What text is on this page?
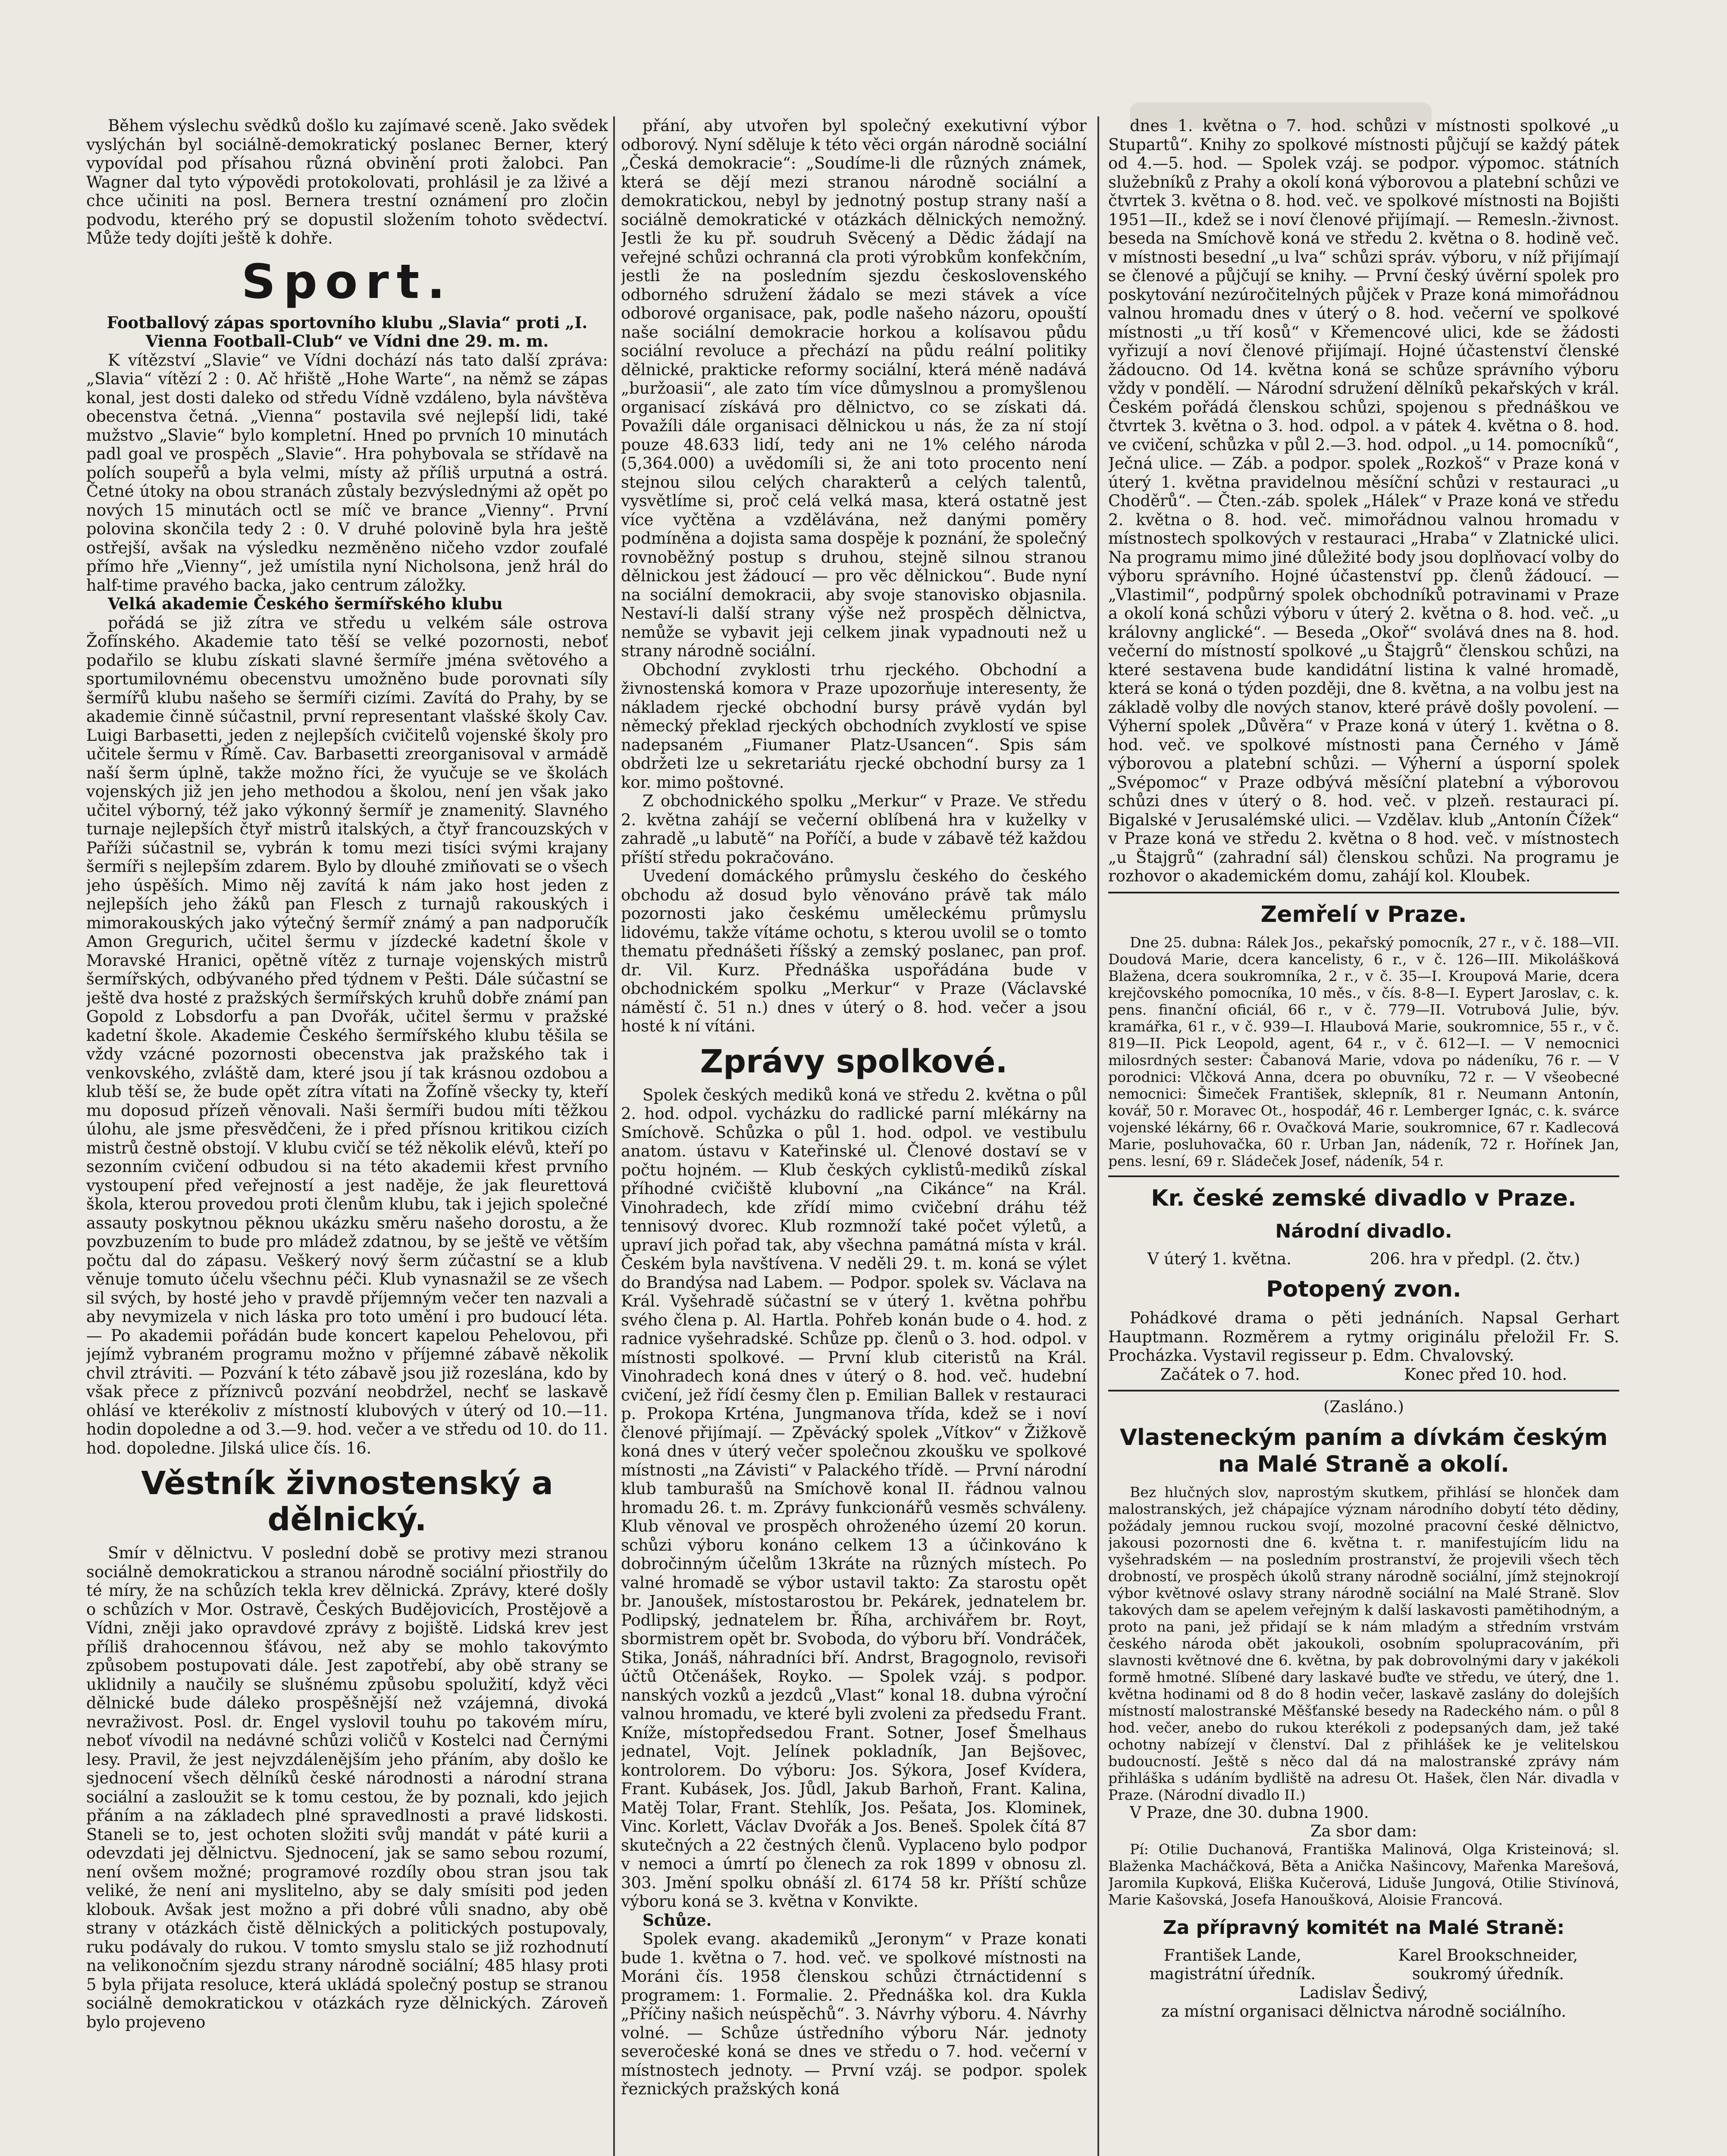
Během výslechu svědků došlo ku zajímavé sceně. Jako svědek vyslýchán byl sociálně-demokratický poslanec Berner, který vypovídal pod přísahou různá obvinění proti žalobci. Pan Wagner dal tyto výpovědi protokolovati, prohlásil je za lživé a chce učiniti na posl. Bernera trestní oznámení pro zločin podvodu, kterého prý se dopustil složením tohoto svědectví. Může tedy dojíti ještě k dohře.

Sport.

Footballový zápas sportovního klubu „Slavia“ proti „I. Vienna Football-Club“ ve Vídni dne 29. m. m.

K vítězství „Slavie“ ve Vídni dochází nás tato další zpráva: „Slavia“ vítězí 2 : 0. Ač hřiště „Hohe Warte“, na němž se zápas konal, jest dosti daleko od středu Vídně vzdáleno, byla návštěva obecenstva četná. „Vienna“ postavila své nejlepší lidi, také mužstvo „Slavie“ bylo kompletní. Hned po prvních 10 minutách padl goal ve prospěch „Slavie“. Hra pohybovala se střídavě na polích soupeřů a byla velmi, místy až příliš urputná a ostrá. Četné útoky na obou stranách zůstaly bezvýslednými až opět po nových 15 minutách octl se míč ve brance „Vienny“. První polovina skončila tedy 2 : 0. V druhé polovině byla hra ještě ostřejší, avšak na výsledku nezměněno ničeho vzdor zoufalé přímo hře „Vienny“, jež umístila nyní Nicholsona, jenž hrál do half-time pravého backa, jako centrum záložky.

Velká akademie Českého šermířského klubu

pořádá se již zítra ve středu u velkém sále ostrova Žofínského. Akademie tato těší se velké pozornosti, neboť podařilo se klubu získati slavné šermíře jména světového a sportumilovnému obecenstvu umožněno bude porovnati síly šermířů klubu našeho se šermíři cizími. Zavítá do Prahy, by se akademie činně súčastnil, první representant vlašské školy Cav. Luigi Barbasetti, jeden z nejlepších cvičitelů vojenské školy pro učitele šermu v Římě. Cav. Barbasetti zreorganisoval v armádě naší šerm úplně, takže možno říci, že vyučuje se ve školách vojenských již jen jeho methodou a školou, není jen však jako učitel výborný, též jako výkonný šermíř je znamenitý. Slavného turnaje nejlepších čtyř mistrů italských, a čtyř francouzských v Paříži súčastnil se, vybrán k tomu mezi tisíci svými krajany šermíři s nejlepším zdarem. Bylo by dlouhé zmiňovati se o všech jeho úspěších. Mimo něj zavítá k nám jako host jeden z nejlepších jeho žáků pan Flesch z turnajů rakouských i mimorakouských jako výtečný šermíř známý a pan nadporučík Amon Gregurich, učitel šermu v jízdecké kadetní škole v Moravské Hranici, opětně vítěz z turnaje vojenských mistrů šermířských, odbývaného před týdnem v Pešti. Dále súčastní se ještě dva hosté z pražských šermířských kruhů dobře známí pan Gopold z Lobsdorfu a pan Dvořák, učitel šermu v pražské kadetní škole. Akademie Českého šermířského klubu těšila se vždy vzácné pozornosti obecenstva jak pražského tak i venkovského, zvláště dam, které jsou jí tak krásnou ozdobou a klub těší se, že bude opět zítra vítati na Žofíně všecky ty, kteří mu doposud přízeň věnovali. Naši šermíři budou míti těžkou úlohu, ale jsme přesvědčeni, že i před přísnou kritikou cizích mistrů čestně obstojí. V klubu cvičí se též několik elévů, kteří po sezonním cvičení odbudou si na této akademii křest prvního vystoupení před veřejností a jest naděje, že jak fleurettová škola, kterou provedou proti členům klubu, tak i jejich společné assauty poskytnou pěknou ukázku směru našeho dorostu, a že povzbuzením to bude pro mládež zdatnou, by se ještě ve větším počtu dal do zápasu. Veškerý nový šerm zúčastní se a klub věnuje tomuto účelu všechnu péči. Klub vynasnažil se ze všech sil svých, by hosté jeho v pravdě příjemným večer ten nazvali a aby nevymizela v nich láska pro toto umění i pro budoucí léta. — Po akademii pořádán bude koncert kapelou Pehelovou, při jejímž vybraném programu možno v příjemné zábavě několik chvil ztráviti. — Pozvání k této zábavě jsou již rozeslána, kdo by však přece z příznivců pozvání neobdržel, nechť se laskavě ohlásí ve kterékoliv z místností klubových v úterý od 10.—11. hodin dopoledne a od 3.—9. hod. večer a ve středu od 10. do 11. hod. dopoledne. Jilská ulice čís. 16.

Věstník živnostenský a dělnický.

Smír v dělnictvu. V poslední době se protivy mezi stranou sociálně demokratickou a stranou národně sociální přiostřily do té míry, že na schůzích tekla krev dělnická. Zprávy, které došly o schůzích v Mor. Ostravě, Českých Budějovicích, Prostějově a Vídni, zněji jako opravdové zprávy z bojiště. Lidská krev jest příliš drahocennou šťávou, než aby se mohlo takovýmto způsobem postupovati dále. Jest zapotřebí, aby obě strany se uklidnily a naučily se slušnému způsobu spolužití, když věci dělnické bude dáleko prospěšnější než vzájemná, divoká nevraživost. Posl. dr. Engel vyslovil touhu po takovém míru, neboť vívodil na nedávné schůzi voličů v Kostelci nad Černými lesy. Pravil, že jest nejvzdálenějším jeho přáním, aby došlo ke sjednocení všech dělníků české národnosti a národní strana sociální a zasloužit se k tomu cestou, že by poznali, kdo jejich přáním a na základech plné spravedlnosti a pravé lidskosti. Staneli se to, jest ochoten složiti svůj mandát v páté kurii a odevzdati jej dělnictvu. Sjednocení, jak se samo sebou rozumí, není ovšem možné; programové rozdíly obou stran jsou tak veliké, že není ani myslitelno, aby se daly smísiti pod jeden klobouk. Avšak jest možno a při dobré vůli snadno, aby obě strany v otázkách čistě dělnických a politických postupovaly, ruku podávaly do rukou. V tomto smyslu stalo se již rozhodnutí na velikonočním sjezdu strany národně sociální; 485 hlasy proti 5 byla přijata resoluce, která ukládá společný postup se stranou sociálně demokratickou v otázkách ryze dělnických. Zároveň bylo projeveno

přání, aby utvořen byl společný exekutivní výbor odborový. Nyní sděluje k této věci orgán národně sociální „Česká demokracie“: „Soudíme-li dle různých známek, která se dějí mezi stranou národně sociální a demokratickou, nebyl by jednotný postup strany naší a sociálně demokratické v otázkách dělnických nemožný. Jestli že ku př. soudruh Svěcený a Dědic žádají na veřejné schůzi ochranná cla proti výrobkům konfekčním, jestli že na posledním sjezdu československého odborného sdružení žádalo se mezi stávek a více odborové organisace, pak, podle našeho názoru, opouští naše sociální demokracie horkou a kolísavou půdu sociální revoluce a přechází na půdu reální politiky dělnické, prakticke reformy sociální, která méně nadává „buržoasii“, ale zato tím více důmyslnou a promyšlenou organisací získává pro dělnictvo, co se získati dá. Považíli dále organisaci dělnickou u nás, že za ní stojí pouze 48.633 lidí, tedy ani ne 1% celého národa (5,364.000) a uvědomíli si, že ani toto procento není stejnou silou celých charakterů a celých talentů, vysvětlíme si, proč celá velká masa, která ostatně jest více vyčtěna a vzdělávána, než danými poměry podmíněna a dojista sama dospěje k poznání, že společný rovnoběžný postup s druhou, stejně silnou stranou dělnickou jest žádoucí — pro věc dělnickou“. Bude nyní na sociální demokracii, aby svoje stanovisko objasnila. Nestaví-li další strany výše než prospěch dělnictva, nemůže se vybavit jeji celkem jinak vypadnouti než u strany národně sociální.

Obchodní zvyklosti trhu rjeckého. Obchodní a živnostenská komora v Praze upozorňuje interesenty, že nákladem rjecké obchodní bursy právě vydán byl německý překlad rjeckých obchodních zvyklostí ve spise nadepsaném „Fiumaner Platz-Usancen“. Spis sám obdržeti lze u sekretariátu rjecké obchodní bursy za 1 kor. mimo poštovné.

Z obchodnického spolku „Merkur“ v Praze. Ve středu 2. května zahájí se večerní oblíbená hra v kuželky v zahradě „u labutě“ na Poříčí, a bude v zábavě též každou příští středu pokračováno.

Uvedení domáckého průmyslu českého do českého obchodu až dosud bylo věnováno právě tak málo pozornosti jako českému uměleckému průmyslu lidovému, takže vítáme ochotu, s kterou uvolil se o tomto thematu přednášeti říšský a zemský poslanec, pan prof. dr. Vil. Kurz. Přednáška uspořádána bude v obchodnickém spolku „Merkur“ v Praze (Václavské náměstí č. 51 n.) dnes v úterý o 8. hod. večer a jsou hosté k ní vítáni.

Zprávy spolkové.

Spolek českých mediků koná ve středu 2. května o půl 2. hod. odpol. vycházku do radlické parní mlékárny na Smíchově. Schůzka o půl 1. hod. odpol. ve vestibulu anatom. ústavu v Kateřinské ul. Členové dostaví se v počtu hojném. — Klub českých cyklistů-mediků získal příhodné cvičiště klubovní „na Cikánce“ na Král. Vinohradech, kde zřídí mimo cvičební dráhu též tennisový dvorec. Klub rozmnoží také počet výletů, a upraví jich pořad tak, aby všechna památná místa v král. Českém byla navštívena. V neděli 29. t. m. koná se výlet do Brandýsa nad Labem. — Podpor. spolek sv. Václava na Král. Vyšehradě súčastní se v úterý 1. května pohřbu svého člena p. Al. Hartla. Pohřeb konán bude o 4. hod. z radnice vyšehradské. Schůze pp. členů o 3. hod. odpol. v místnosti spolkové. — První klub citeristů na Král. Vinohradech koná dnes v úterý o 8. hod. več. hudební cvičení, jež řídí česmy člen p. Emilian Ballek v restauraci p. Prokopa Krténa, Jungmanova třída, kdež se i noví členové přijímají. — Zpěvácký spolek „Vítkov“ v Žižkově koná dnes v úterý večer společnou zkoušku ve spolkové místnosti „na Závisti“ v Palackého třídě. — První národní klub tamburašů na Smíchově konal II. řádnou valnou hromadu 26. t. m. Zprávy funkcionářů vesměs schváleny. Klub věnoval ve prospěch ohroženého území 20 korun. schůzi výboru konáno celkem 13 a účinkováno k dobročinným účelům 13kráte na různých místech. Po valné hromadě se výbor ustavil takto: Za starostu opět br. Janoušek, místostarostou br. Pekárek, jednatelem br. Podlipský, jednatelem br. Říha, archivářem br. Royt, sbormistrem opět br. Svoboda, do výboru bří. Vondráček, Stika, Jonáš, náhradníci bří. Andrst, Bragognolo, revisoři účtů Otčenášek, Royko. — Spolek vzáj. s podpor. nanských vozků a jezdců „Vlast“ konal 18. dubna výroční valnou hromadu, ve které byli zvoleni za předsedu Frant. Kníže, místopředsedou Frant. Sotner, Josef Šmelhaus jednatel, Vojt. Jelínek pokladník, Jan Bejšovec, kontrolorem. Do výboru: Jos. Sýkora, Josef Kvídera, Frant. Kubásek, Jos. Jůdl, Jakub Barhoň, Frant. Kalina, Matěj Tolar, Frant. Stehlík, Jos. Pešata, Jos. Klominek, Vinc. Korlett, Václav Dvořák a Jos. Beneš. Spolek čítá 87 skutečných a 22 čestných členů. Vyplaceno bylo podpor v nemoci a úmrtí po členech za rok 1899 v obnosu zl. 303. Jmění spolku obnáší zl. 6174 58 kr. Příští schůze výboru koná se 3. května v Konvikte.

Schůze.

Spolek evang. akademiků „Jeronym“ v Praze konati bude 1. května o 7. hod. več. ve spolkové místnosti na Moráni čís. 1958 členskou schůzi čtrnáctidenní s programem: 1. Formalie. 2. Přednáška kol. dra Kukla „Příčiny našich neúspěchů“. 3. Návrhy výboru. 4. Návrhy volné. — Schůze ústředního výboru Nár. jednoty severočeské koná se dnes ve středu o 7. hod. večerní v místnostech jednoty. — První vzáj. se podpor. spolek řeznických pražských koná

dnes 1. května o 7. hod. schůzi v místnosti spolkové „u Stupartů“. Knihy zo spolkové místnosti půjčují se každý pátek od 4.—5. hod. — Spolek vzáj. se podpor. výpomoc. státních služebníků z Prahy a okolí koná výborovou a platební schůzi ve čtvrtek 3. května o 8. hod. več. ve spolkové místnosti na Bojišti 1951—II., kdež se i noví členové přijímají. — Remesln.-živnost. beseda na Smíchově koná ve středu 2. května o 8. hodině več. v místnosti besední „u lva“ schůzi správ. výboru, v níž přijímají se členové a půjčují se knihy. — První český úvěrní spolek pro poskytování nezúročitelných půjček v Praze koná mimořádnou valnou hromadu dnes v úterý o 8. hod. večerní ve spolkové místnosti „u tří kosů“ v Křemencové ulici, kde se žádosti vyřizují a noví členové přijímají. Hojné účastenství členské žádoucno. Od 14. května koná se schůze správního výboru vždy v pondělí. — Národní sdružení dělníků pekařských v král. Českém pořádá členskou schůzi, spojenou s přednáškou ve čtvrtek 3. května o 3. hod. odpol. a v pátek 4. května o 8. hod. ve cvičení, schůzka v půl 2.—3. hod. odpol. „u 14. pomocníků“, Ječná ulice. — Záb. a podpor. spolek „Rozkoš“ v Praze koná v úterý 1. května pravidelnou měsíční schůzi v restauraci „u Choděrů“. — Čten.-záb. spolek „Hálek“ v Praze koná ve středu 2. května o 8. hod. več. mimořádnou valnou hromadu v místnostech spolkových v restauraci „Hraba“ v Zlatnické ulici. Na programu mimo jiné důležité body jsou doplňovací volby do výboru správního. Hojné účastenství pp. členů žádoucí. — „Vlastimil“, podpůrný spolek obchodníků potravinami v Praze a okolí koná schůzi výboru v úterý 2. května o 8. hod. več. „u královny anglické“. — Beseda „Okoř“ svolává dnes na 8. hod. večerní do místností spolkové „u Štajgrů“ členskou schůzi, na které sestavena bude kandidátní listina k valné hromadě, která se koná o týden později, dne 8. května, a na volbu jest na základě volby dle nových stanov, které právě došly povolení. — Výherní spolek „Důvěra“ v Praze koná v úterý 1. května o 8. hod. več. ve spolkové místnosti pana Černého v Jámě výborovou a platební schůzi. — Výherní a úsporní spolek „Svépomoc“ v Praze odbývá měsíční platební a výborovou schůzi dnes v úterý o 8. hod. več. v plzeň. restauraci pí. Bigalské v Jerusalémské ulici. — Vzdělav. klub „Antonín Čížek“ v Praze koná ve středu 2. května o 8 hod. več. v místnostech „u Štajgrů“ (zahradní sál) členskou schůzi. Na programu je rozhovor o akademickém domu, zahájí kol. Kloubek.

Zemřelí v Praze.

Dne 25. dubna: Rálek Jos., pekařský pomocník, 27 r., v č. 188—VII. Doudová Marie, dcera kancelisty, 6 r., v č. 126—III. Mikolášková Blažena, dcera soukromníka, 2 r., v č. 35—I. Kroupová Marie, dcera krejčovského pomocníka, 10 měs., v čís. 8-8—I. Eypert Jaroslav, c. k. pens. finanční oficiál, 66 r., v č. 779—II. Votrubová Julie, býv. kramářka, 61 r., v č. 939—I. Hlaubová Marie, soukromnice, 55 r., v č. 819—II. Pick Leopold, agent, 64 r., v č. 612—I. — V nemocnici milosrdných sester: Čabanová Marie, vdova po nádeníku, 76 r. — V porodnici: Vlčková Anna, dcera po obuvníku, 72 r. — V všeobecné nemocnici: Šimeček František, sklepník, 81 r. Neumann Antonín, kovář, 50 r. Moravec Ot., hospodář, 46 r. Lemberger Ignác, c. k. svárce vojenské lékárny, 66 r. Ovačková Marie, soukromnice, 67 r. Kadlecová Marie, posluhovačka, 60 r. Urban Jan, nádeník, 72 r. Hořínek Jan, pens. lesní, 69 r. Sládeček Josef, nádeník, 54 r.

Kr. české zemské divadlo v Praze.
Národní divadlo.
V úterý 1. května.	206. hra v předpl. (2. čtv.)
Potopený zvon.

Pohádkové drama o pěti jednáních. Napsal Gerhart Hauptmann. Rozměrem a rytmy originálu přeložil Fr. S. Procházka. Vystavil regisseur p. Edm. Chvalovský.

Začátek o 7. hod.	Konec před 10. hod.

(Zasláno.)

Vlasteneckým paním a dívkám českým na Malé Straně a okolí.

Bez hlučných slov, naprostým skutkem, přihlásí se hlonček dam malostranských, jež chápajíce význam národního dobytí této dědiny, požádaly jemnou ruckou svojí, mozolné pracovní české dělnictvo, jakousi pozornosti dne 6. května t. r. manifestujícím lidu na vyšehradském — na posledním prostranství, že projevili všech těch drobností, ve prospěch úkolů strany národně sociální, jímž stejnokrojí výbor květnové oslavy strany národně sociální na Malé Straně. Slov takových dam se apelem veřejným k další laskavosti pamětihodným, a proto na pani, jež přidají se k nám mladým a středním vrstvám českého národa obět jakoukoli, osobním spolupracováním, při slavnosti květnové dne 6. května, by pak dobrovolnými dary v jakékoli formě hmotné. Slíbené dary laskavé buďte ve středu, ve úterý, dne 1. května hodinami od 8 do 8 hodin večer, laskavě zaslány do dolejších místností malostranské Měšťanské besedy na Radeckého nám. o půl 8 hod. večer, anebo do rukou kterékoli z podepsaných dam, jež také ochotny nabízejí v členství. Dal z přihlášek ke je velitelskou budoucností. Ještě s něco dal dá na malostranské zprávy nám přihláška s udáním bydliště na adresu Ot. Hašek, člen Nár. divadla v Praze. (Národní divadlo II.)

V Praze, dne 30. dubna 1900.

Za sbor dam:

Pí: Otilie Duchanová, Františka Malinová, Olga Kristeinová; sl. Blaženka Macháčková, Běta a Anička Našincovy, Mařenka Marešová, Jaromila Kupková, Eliška Kučerová, Liduše Jungová, Otilie Stivínová, Marie Kašovská, Josefa Hanoušková, Aloisie Francová.

Za přípravný komitét na Malé Straně:
František Lande,
magistrátní úředník.
Karel Brookschneider,
soukromý úředník.
Ladislav Šedivý,
za místní organisaci dělnictva národně sociálního.
